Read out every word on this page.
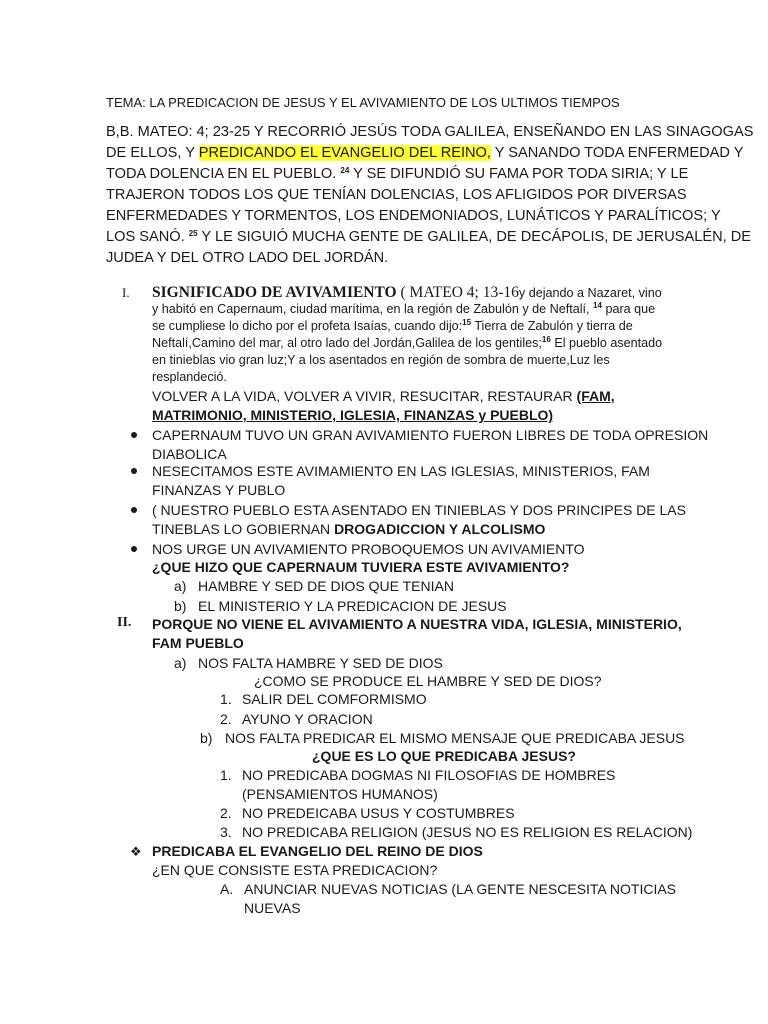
TEMA: LA PREDICACION DE JESUS Y EL AVIVAMIENTO DE LOS ULTIMOS TIEMPOS
B,B. MATEO: 4; 23-25 Y RECORRIÓ JESÚS TODA GALILEA, ENSEÑANDO EN LAS SINAGOGAS
DE ELLOS, Y PREDICANDO EL EVANGELIO DEL REINO, Y SANANDO TODA ENFERMEDAD Y
TODA DOLENCIA EN EL PUEBLO. $^{24}$ Y SE DIFUNDIÓ SU FAMA POR TODA SIRIA; Y LE
TRAJERON TODOS LOS QUE TENÍAN DOLENCIAS, LOS AFLIGIDOS POR DIVERSAS
ENFERMEDADES Y TORMENTOS, LOS ENDEMONIADOS, LUNÁTICOS Y PARALÍTICOS; Y
LOS SANÓ. $^{25}$ Y LE SIGUIÓ MUCHA GENTE DE GALILEA, DE DECÁPOLIS, DE JERUSALÉN, DE
JUDEA Y DEL OTRO LADO DEL JORDÁN.
I. SIGNIFICADO DE AVIVAMIENTO ( MATEO 4; 13-16y dejando a Nazaret, vino
y habitó en Capernaum, ciudad marítima, en la región de Zabulón y de Neftalí, $^{14}$ para que
se cumpliese lo dicho por el profeta Isaías, cuando dijo:$^{15}$ Tierra de Zabulón y tierra de
Neftalí,Camino del mar, al otro lado del Jordán,Galilea de los gentiles;$^{16}$ El pueblo asentado
en tinieblas vio gran luz;Y a los asentados en región de sombra de muerte,Luz les
resplandeció.
VOLVER A LA VIDA, VOLVER A VIVIR, RESUCITAR, RESTAURAR (FAM,
MATRIMONIO, MINISTERIO, IGLESIA, FINANZAS y PUEBLO)
CAPERNAUM TUVO UN GRAN AVIVAMIENTO FUERON LIBRES DE TODA OPRESION
DIABOLICA
NESECITAMOS ESTE AVIMAMIENTO EN LAS IGLESIAS, MINISTERIOS, FAM
FINANZAS Y PUBLO
( NUESTRO PUEBLO ESTA ASENTADO EN TINIEBLAS Y DOS PRINCIPES DE LAS
TINEBLAS LO GOBIERNAN DROGADICCION Y ALCOLISMO
NOS URGE UN AVIVAMIENTO PROBOQUEMOS UN AVIVAMIENTO
¿QUE HIZO QUE CAPERNAUM TUVIERA ESTE AVIVAMIENTO?
a) HAMBRE Y SED DE DIOS QUE TENIAN
b) EL MINISTERIO Y LA PREDICACION DE JESUS
II. PORQUE NO VIENE EL AVIVAMIENTO A NUESTRA VIDA, IGLESIA, MINISTERIO,
FAM PUEBLO
a) NOS FALTA HAMBRE Y SED DE DIOS
¿COMO SE PRODUCE EL HAMBRE Y SED DE DIOS?
1. SALIR DEL COMFORMISMO
2. AYUNO Y ORACION
b) NOS FALTA PREDICAR EL MISMO MENSAJE QUE PREDICABA JESUS
¿QUE ES LO QUE PREDICABA JESUS?
1. NO PREDICABA DOGMAS NI FILOSOFIAS DE HOMBRES
(PENSAMIENTOS HUMANOS)
2. NO PREDEICABA USUS Y COSTUMBRES
3. NO PREDICABA RELIGION (JESUS NO ES RELIGION ES RELACION)
❖ PREDICABA EL EVANGELIO DEL REINO DE DIOS
¿EN QUE CONSISTE ESTA PREDICACION?
A. ANUNCIAR NUEVAS NOTICIAS (LA GENTE NESCESITA NOTICIAS
NUEVAS
